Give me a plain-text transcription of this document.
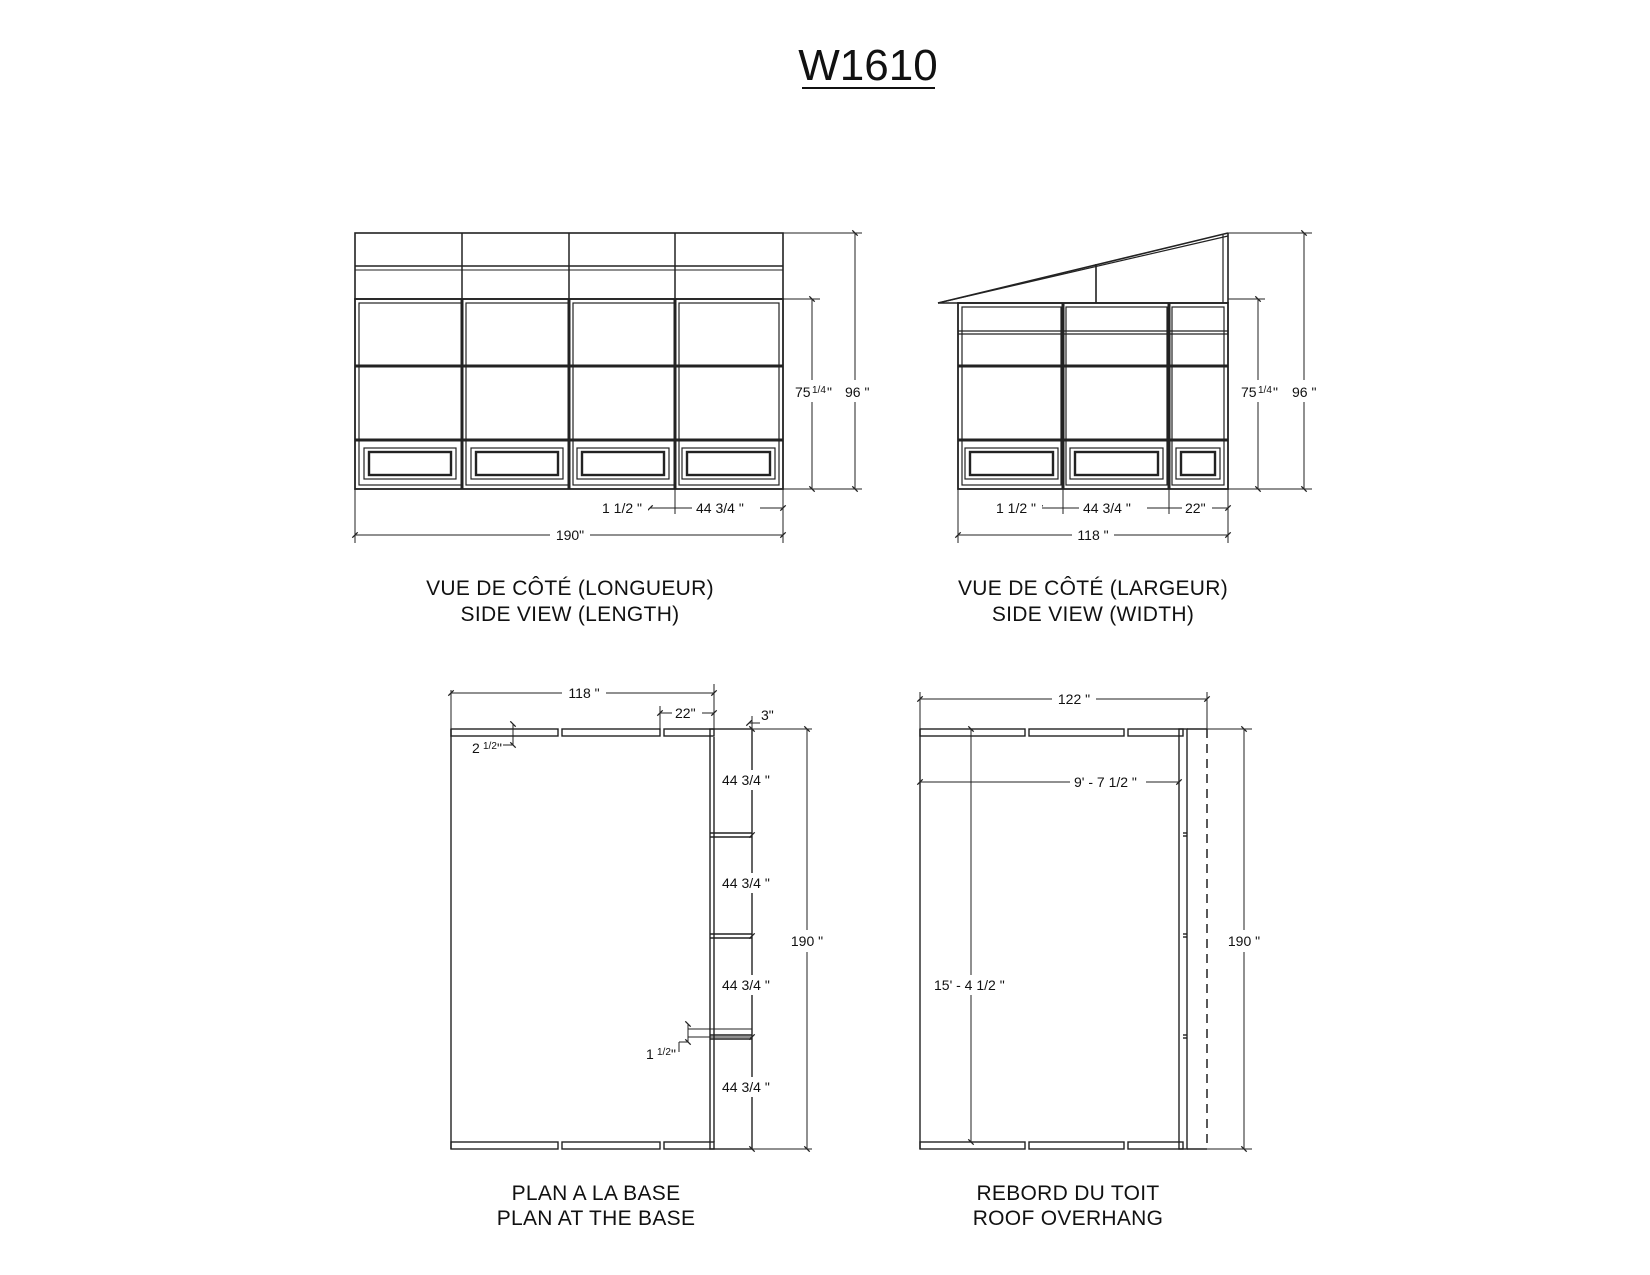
W1610
75 1/4 " 96 "
1 1/2 "	44 3/4 "
190"
VUE DE CÔTÉ (LONGUEUR)
SIDE VIEW (LENGTH)
75 1/4 " 96 "
1 1/2 "	44 3/4 "	22"
118 "
VUE DE CÔTÉ (LARGEUR)
SIDE VIEW (WIDTH)
118 "
22"	3"
2 1/2 "
44 3/4 "
44 3/4 "
44 3/4 "
44 3/4 "
190 "
1 1/2 "
PLAN A LA BASE
PLAN AT THE BASE
122 "
9' - 7 1/2 "
15' - 4 1/2 "
190 "
REBORD DU TOIT
ROOF OVERHANG
